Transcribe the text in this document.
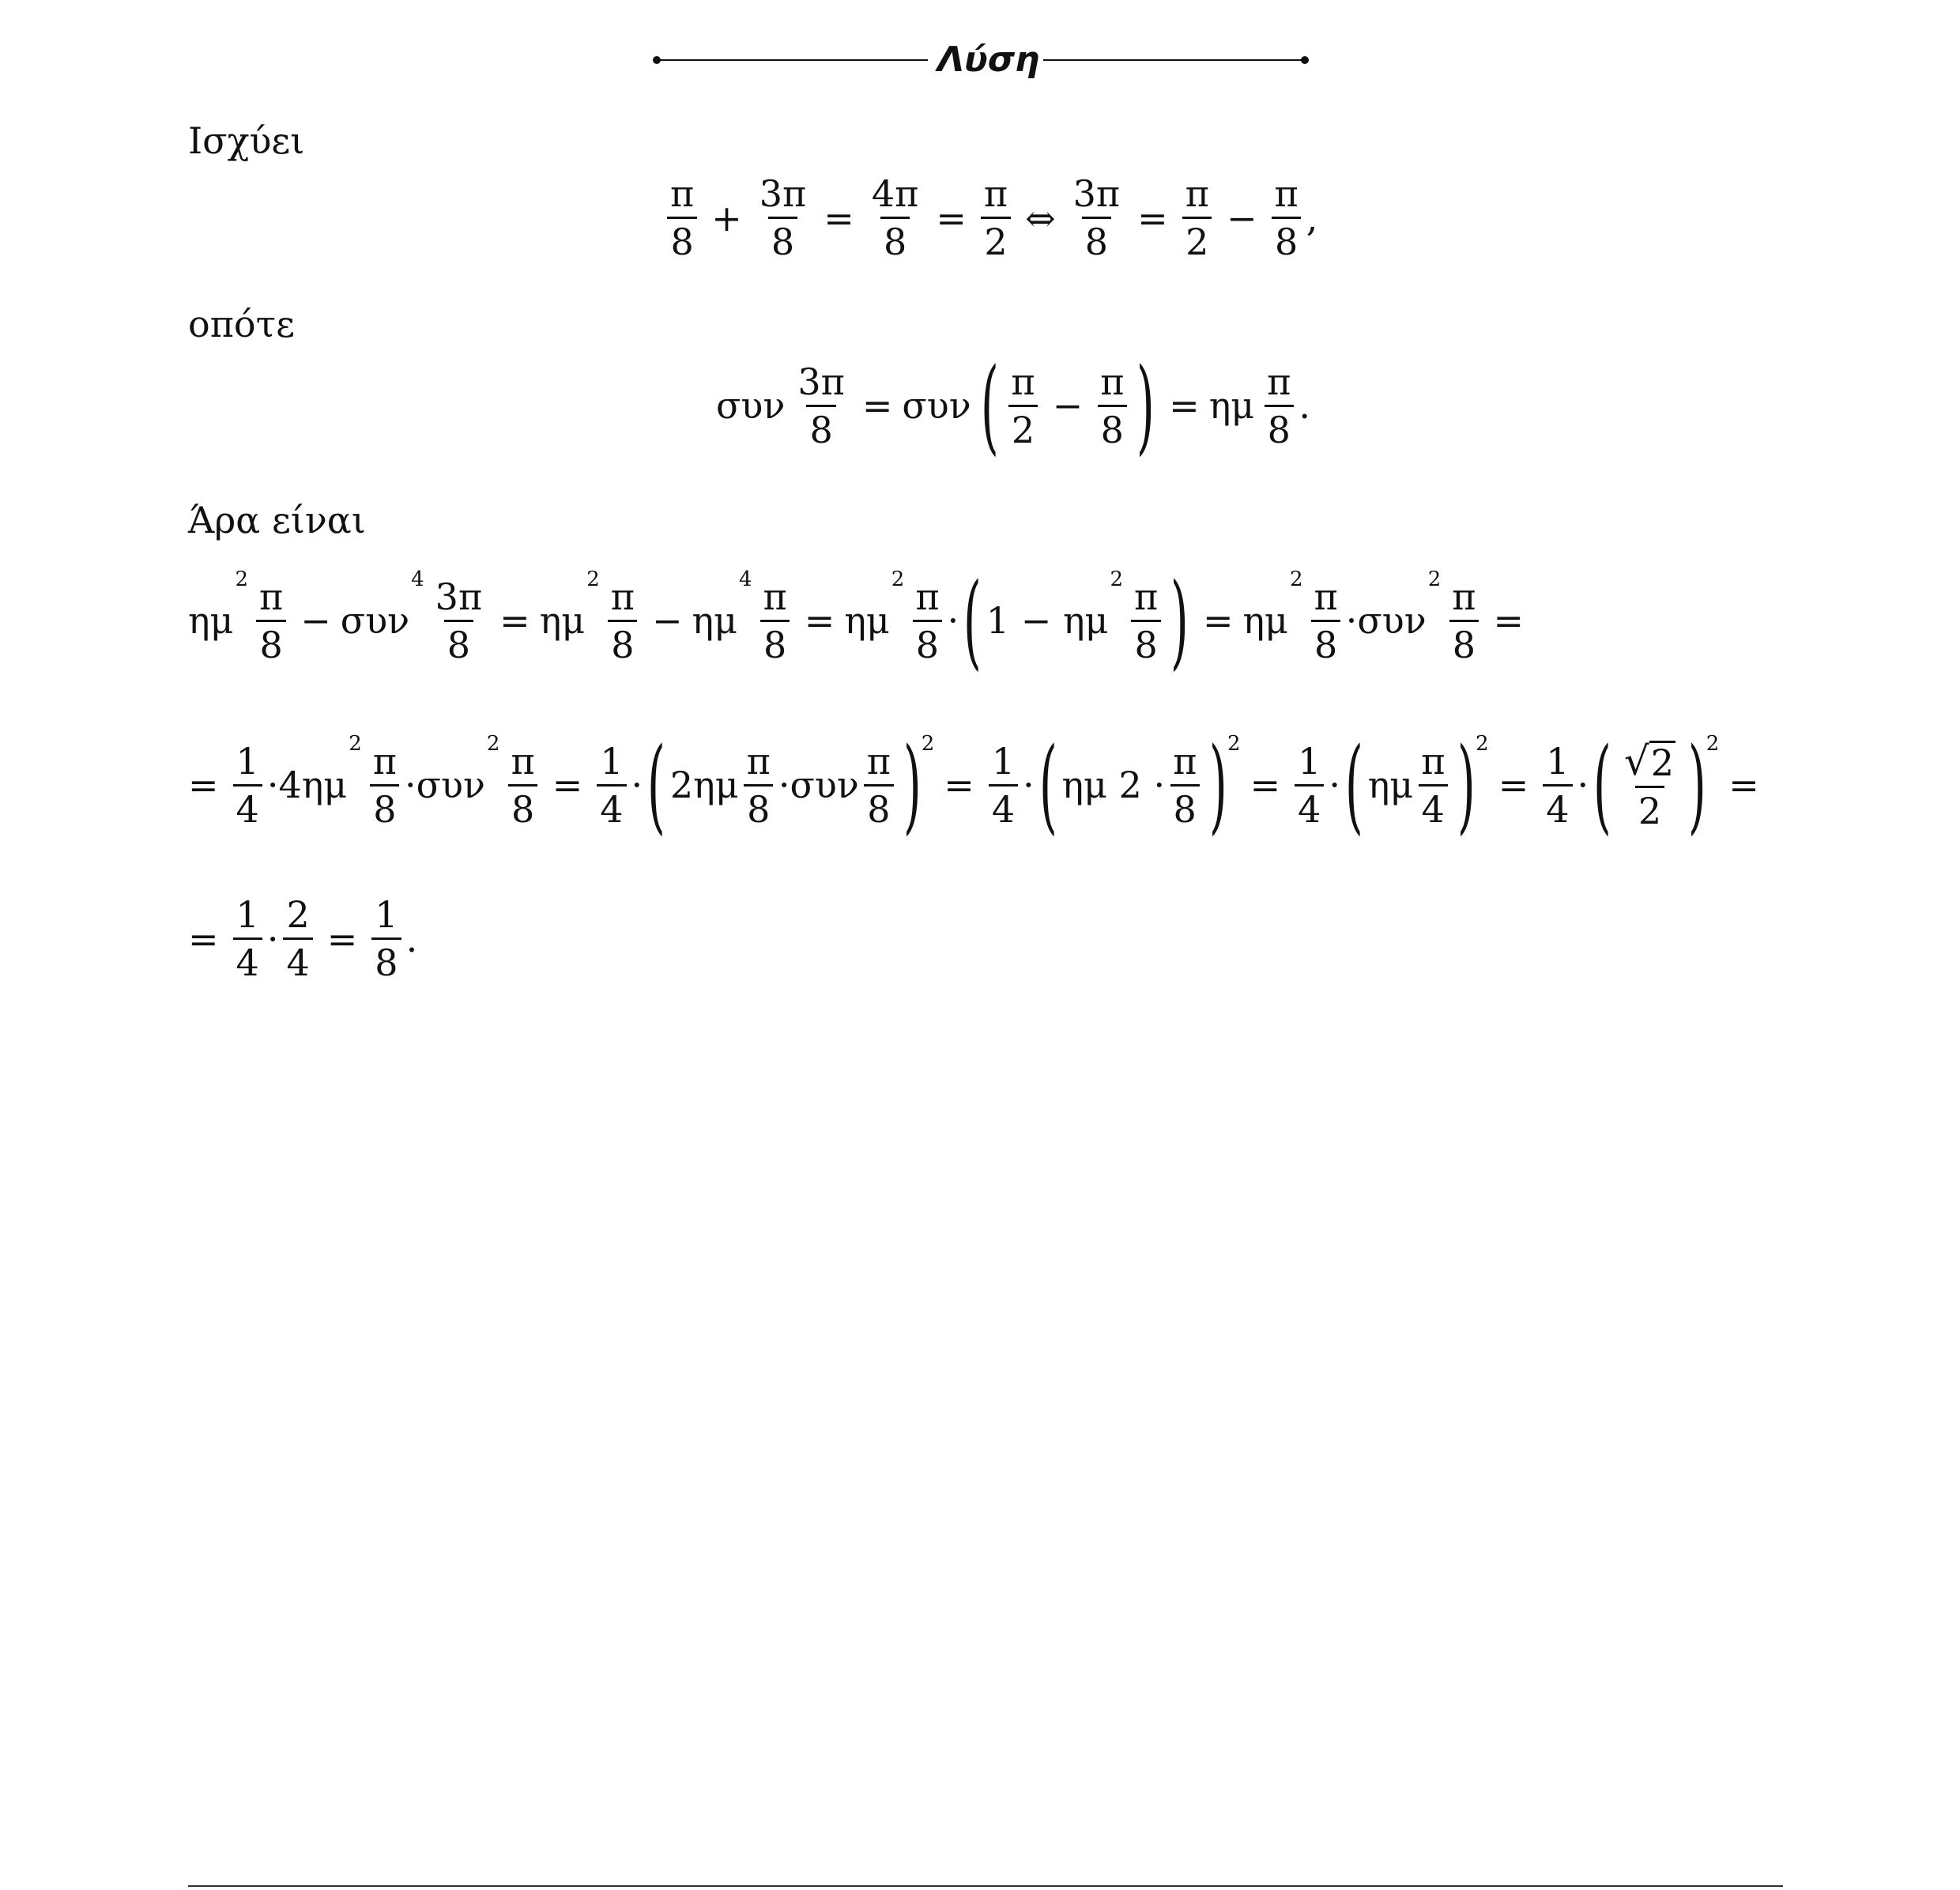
Λύση
Ισχύει
$\frac{\pi}{8} + \frac{3\pi}{8} = \frac{4\pi}{8} = \frac{\pi}{2}$ ⇔ $\frac{3\pi}{8} = \frac{\pi}{2} - \frac{\pi}{8}$ ,
οπότε
συν $\frac{3\pi}{8} = \sigma\upsilon\nu$ ( $\frac{\pi}{2} - \frac{\pi}{8}$ ) = ημ $\frac{\pi}{8}$ .
Άρα είναι
ημ
$2 \frac{\pi}{8} - \sigma\upsilon\nu$
$4 \frac{3\pi}{8} = \eta\mu$
$2 \frac{\pi}{8} - \eta\mu$
$4 \frac{\pi}{8} = \eta\mu$
$2 \frac{\pi}{8}$ · ( 1 −
ημ
$2 \frac{\pi}{8}$ ) = ημ
$2 \frac{\pi}{8} \cdot \sigma\upsilon\nu$
$2 \frac{\pi}{8}$ =
= $\frac{1}{4} \cdot 4\eta\mu$
$2 \frac{\pi}{8} \cdot \sigma\upsilon\nu$
$2 \frac{\pi}{8} = \frac{1}{4}$ · ( $2\eta\mu \frac{\pi}{8} \cdot \sigma\upsilon\nu \frac{\pi}{8}$ ) 2
= $\frac{1}{4}$ · ( ημ 2
· $\frac{\pi}{8}$ ) 2
= $\frac{1}{4}$ · ( ημ $\frac{\pi}{4}$ ) 2
= $\frac{1}{4}$ · ( $\frac{√ 2}{2}$ ) 2
=
= $\frac{1}{4} \cdot \frac{2}{4} = \frac{1}{8}$ .
